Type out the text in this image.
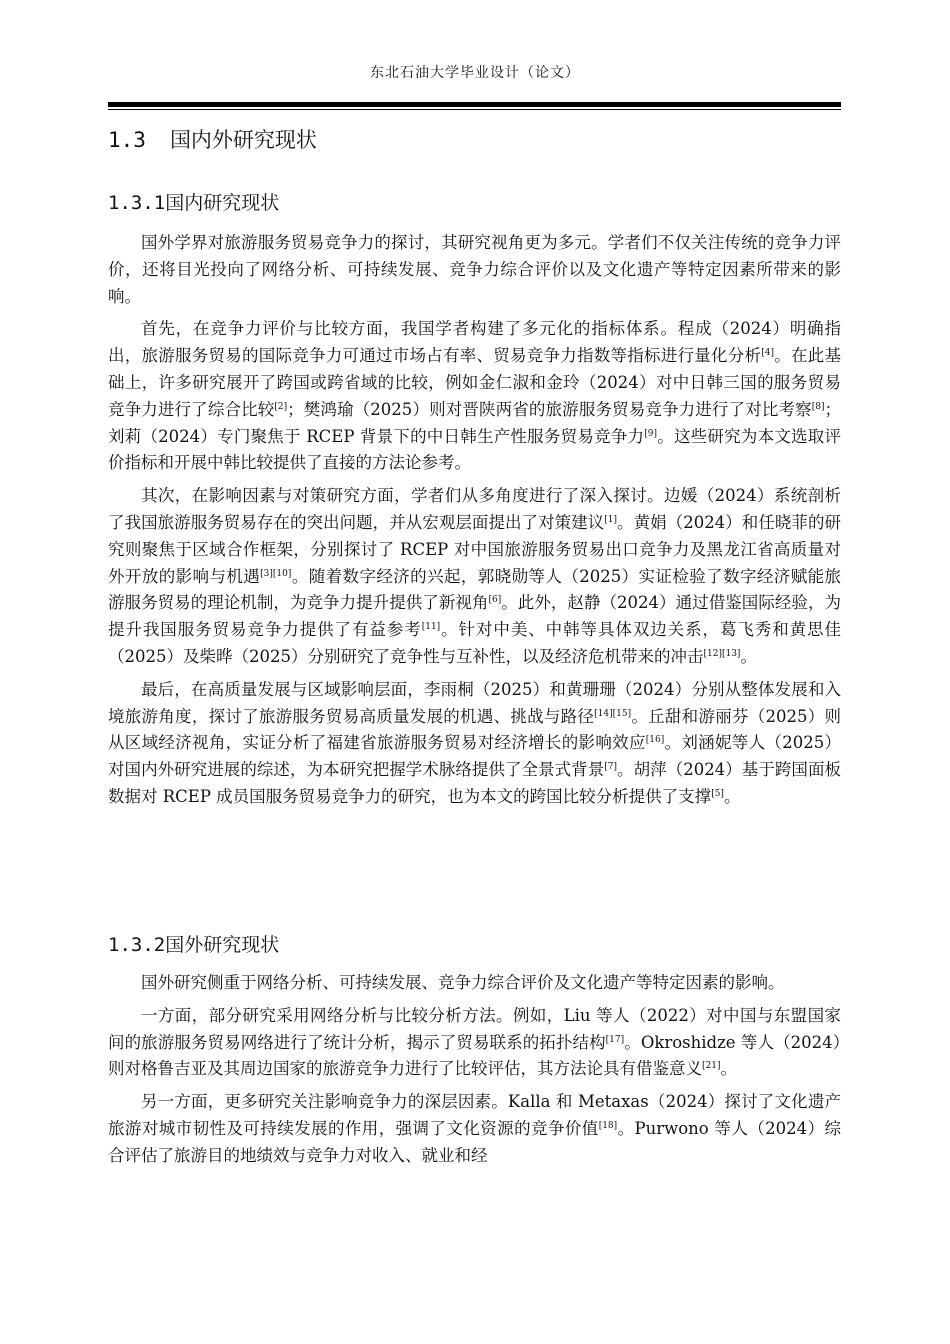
东北石油大学毕业设计（论文）
1.3 国内外研究现状
1.3.1国内研究现状

国外学界对旅游服务贸易竞争力的探讨，其研究视角更为多元。学者们不仅关注传统的竞争力评价，还将目光投向了网络分析、可持续发展、竞争力综合评价以及文化遗产等特定因素所带来的影响。

首先，在竞争力评价与比较方面，我国学者构建了多元化的指标体系。程成（2024）明确指出，旅游服务贸易的国际竞争力可通过市场占有率、贸易竞争力指数等指标进行量化分析[4]。在此基础上，许多研究展开了跨国或跨省域的比较，例如金仁淑和金玲（2024）对中日韩三国的服务贸易竞争力进行了综合比较[2]；樊鸿瑜（2025）则对晋陕两省的旅游服务贸易竞争力进行了对比考察[8]；刘莉（2024）专门聚焦于 RCEP 背景下的中日韩生产性服务贸易竞争力[9]。这些研究为本文选取评价指标和开展中韩比较提供了直接的方法论参考。

其次，在影响因素与对策研究方面，学者们从多角度进行了深入探讨。边媛（2024）系统剖析了我国旅游服务贸易存在的突出问题，并从宏观层面提出了对策建议[1]。黄娟（2024）和任晓菲的研究则聚焦于区域合作框架，分别探讨了 RCEP 对中国旅游服务贸易出口竞争力及黑龙江省高质量对外开放的影响与机遇[3][10]。随着数字经济的兴起，郭晓勋等人（2025）实证检验了数字经济赋能旅游服务贸易的理论机制，为竞争力提升提供了新视角[6]。此外，赵静（2024）通过借鉴国际经验，为提升我国服务贸易竞争力提供了有益参考[11]。针对中美、中韩等具体双边关系，葛飞秀和黄思佳（2025）及柴晔（2025）分别研究了竞争性与互补性，以及经济危机带来的冲击[12][13]。

最后，在高质量发展与区域影响层面，李雨桐（2025）和黄珊珊（2024）分别从整体发展和入境旅游角度，探讨了旅游服务贸易高质量发展的机遇、挑战与路径[14][15]。丘甜和游丽芬（2025）则从区域经济视角，实证分析了福建省旅游服务贸易对经济增长的影响效应[16]。刘涵妮等人（2025）对国内外研究进展的综述，为本研究把握学术脉络提供了全景式背景[7]。胡萍（2024）基于跨国面板数据对 RCEP 成员国服务贸易竞争力的研究，也为本文的跨国比较分析提供了支撑[5]。

1.3.2国外研究现状

国外研究侧重于网络分析、可持续发展、竞争力综合评价及文化遗产等特定因素的影响。

一方面，部分研究采用网络分析与比较分析方法。例如，Liu 等人（2022）对中国与东盟国家间的旅游服务贸易网络进行了统计分析，揭示了贸易联系的拓扑结构[17]。Okroshidze 等人（2024）则对格鲁吉亚及其周边国家的旅游竞争力进行了比较评估，其方法论具有借鉴意义[21]。

另一方面，更多研究关注影响竞争力的深层因素。Kalla 和 Metaxas（2024）探讨了文化遗产旅游对城市韧性及可持续发展的作用，强调了文化资源的竞争价值[18]。Purwono 等人（2024）综合评估了旅游目的地绩效与竞争力对收入、就业和经
